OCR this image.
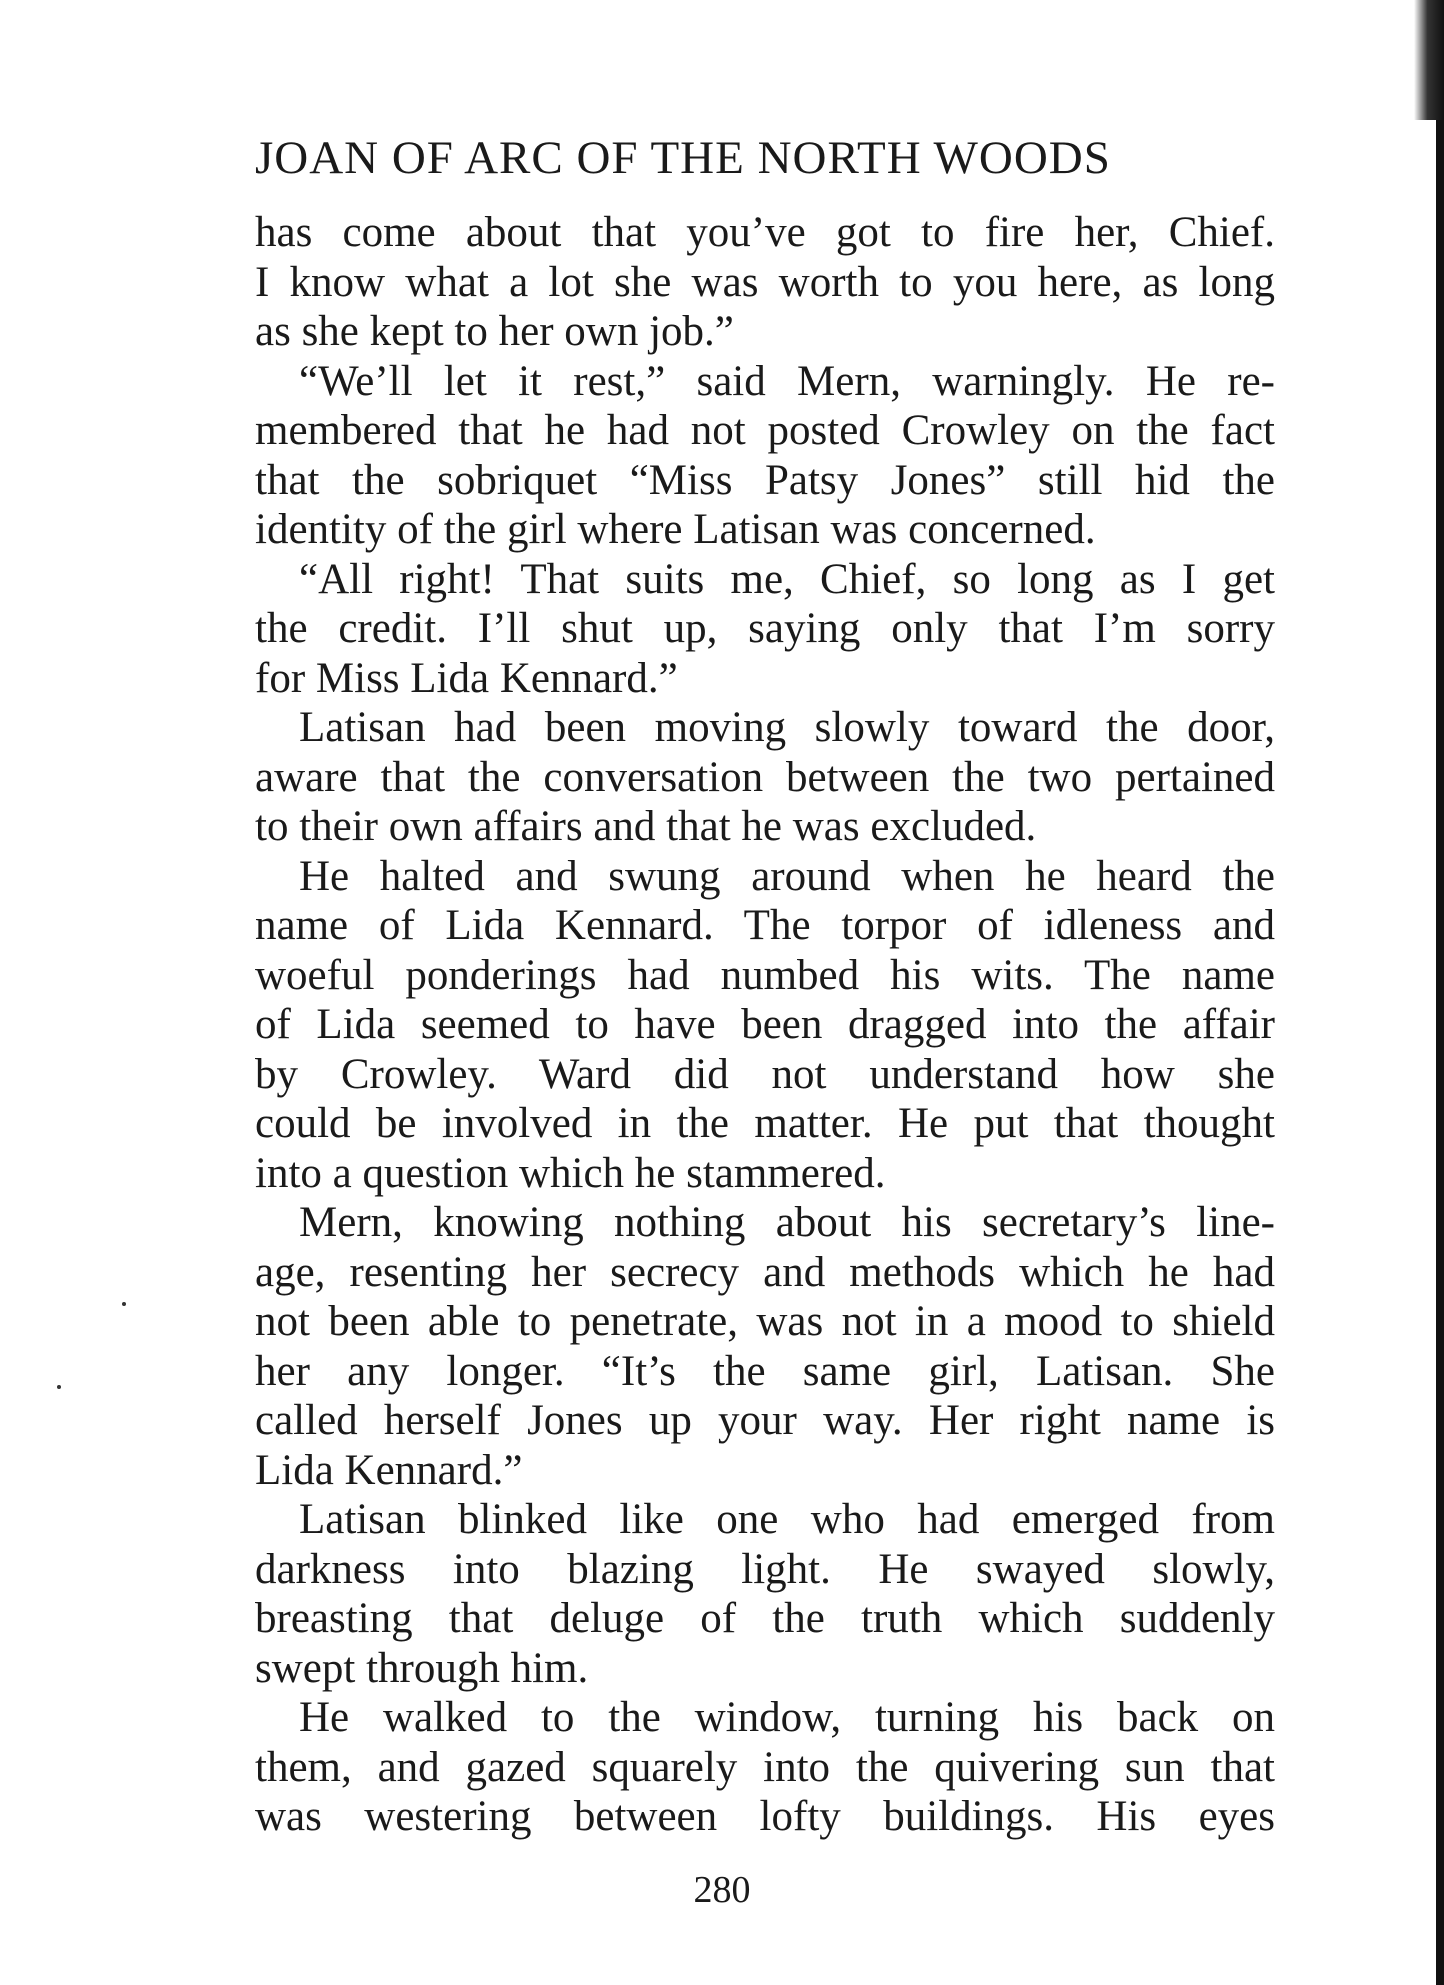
JOAN OF ARC OF THE NORTH WOODS
has come about that you’ve got to fire her, Chief.
I know what a lot she was worth to you here, as long
as she kept to her own job.”
“We’ll let it rest,” said Mern, warningly. He re-
membered that he had not posted Crowley on the fact
that the sobriquet “Miss Patsy Jones” still hid the
identity of the girl where Latisan was concerned.
“All right! That suits me, Chief, so long as I get
the credit. I’ll shut up, saying only that I’m sorry
for Miss Lida Kennard.”
Latisan had been moving slowly toward the door,
aware that the conversation between the two pertained
to their own affairs and that he was excluded.
He halted and swung around when he heard the
name of Lida Kennard. The torpor of idleness and
woeful ponderings had numbed his wits. The name
of Lida seemed to have been dragged into the affair
by Crowley. Ward did not understand how she
could be involved in the matter. He put that thought
into a question which he stammered.
Mern, knowing nothing about his secretary’s line-
age, resenting her secrecy and methods which he had
not been able to penetrate, was not in a mood to shield
her any longer. “It’s the same girl, Latisan. She
called herself Jones up your way. Her right name is
Lida Kennard.”
Latisan blinked like one who had emerged from
darkness into blazing light. He swayed slowly,
breasting that deluge of the truth which suddenly
swept through him.
He walked to the window, turning his back on
them, and gazed squarely into the quivering sun that
was westering between lofty buildings. His eyes
280
